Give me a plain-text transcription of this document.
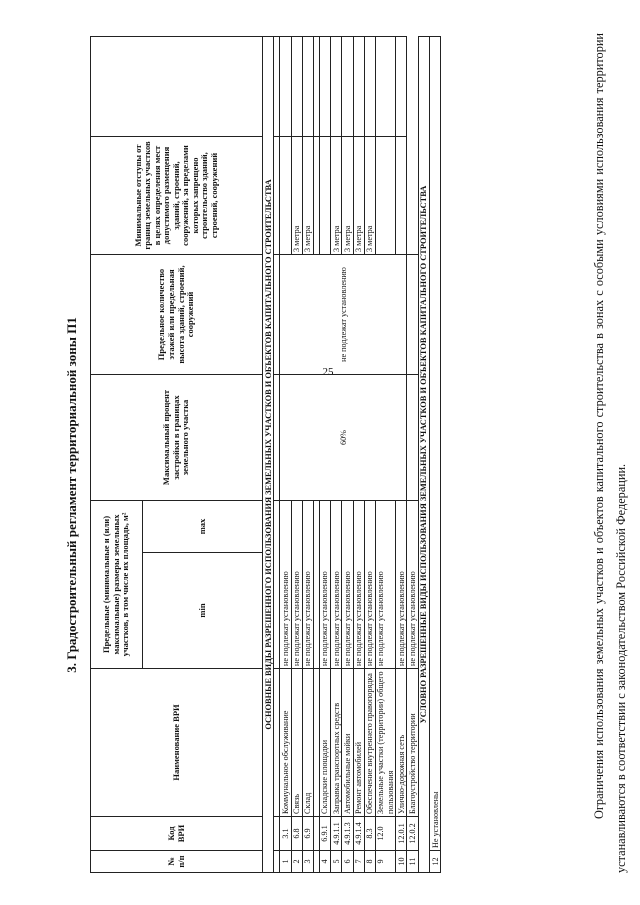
25
3. Градостроительный регламент территориальной зоны П1
№ п/п	Код ВРИ	Наименование ВРИ	Предельные (минимальные и (или) максимальные) размеры земельных участков, в том числе их площадь, м²		Максимальный процент застройки в границах земельного участка	Предельное количество этажей или предельная высота зданий, строений, сооружений	Минимальные отступы от границ земельных участков в целях определения мест допустимого размещения зданий, строений, сооружений, за пределами которых запрещено строительство зданий, строений, сооружений	
			min	max				
ОСНОВНЫЕ ВИДЫ РАЗРЕШЕННОГО ИСПОЛЬЗОВАНИЯ ЗЕМЕЛЬНЫХ УЧАСТКОВ И ОБЪЕКТОВ КАПИТАЛЬНОГО СТРОИТЕЛЬСТВА								

1	3.1	Коммунальное обслуживание	не подлежат установлению		60%	не подлежат установлению		
2	6.8	Связь	не подлежат установлению				3 метра	
3	6.9	Склад	не подлежат установлению				3 метра	

4	6.9.1	Складские площадки	не подлежат установлению					
5	4.9.1.1	Заправка транспортных средств	не подлежат установлению				3 метра	
6	4.9.1.3	Автомобильные мойки	не подлежат установлению				3 метра	
7	4.9.1.4	Ремонт автомобилей	не подлежат установлению				3 метра	
8	8.3	Обеспечение внутреннего правопорядка	не подлежат установлению				3 метра	
9	12.0	Земельные участки (территории) общего пользования	не подлежат установлению					
10	12.0.1	Улично-дорожная сеть	не подлежат установлению					
11	12.0.2	Благоустройство территории	не подлежат установлению					
УСЛОВНО РАЗРЕШЕННЫЕ ВИДЫ ИСПОЛЬЗОВАНИЯ ЗЕМЕЛЬНЫХ УЧАСТКОВ И ОБЪЕКТОВ КАПИТАЛЬНОГО СТРОИТЕЛЬСТВА								
12	Не установлены							
Ограничения использования земельных участков и объектов капитального строительства в зонах с особыми условиями использования территории устанавливаются в соответствии с законодательством Российской Федерации.
